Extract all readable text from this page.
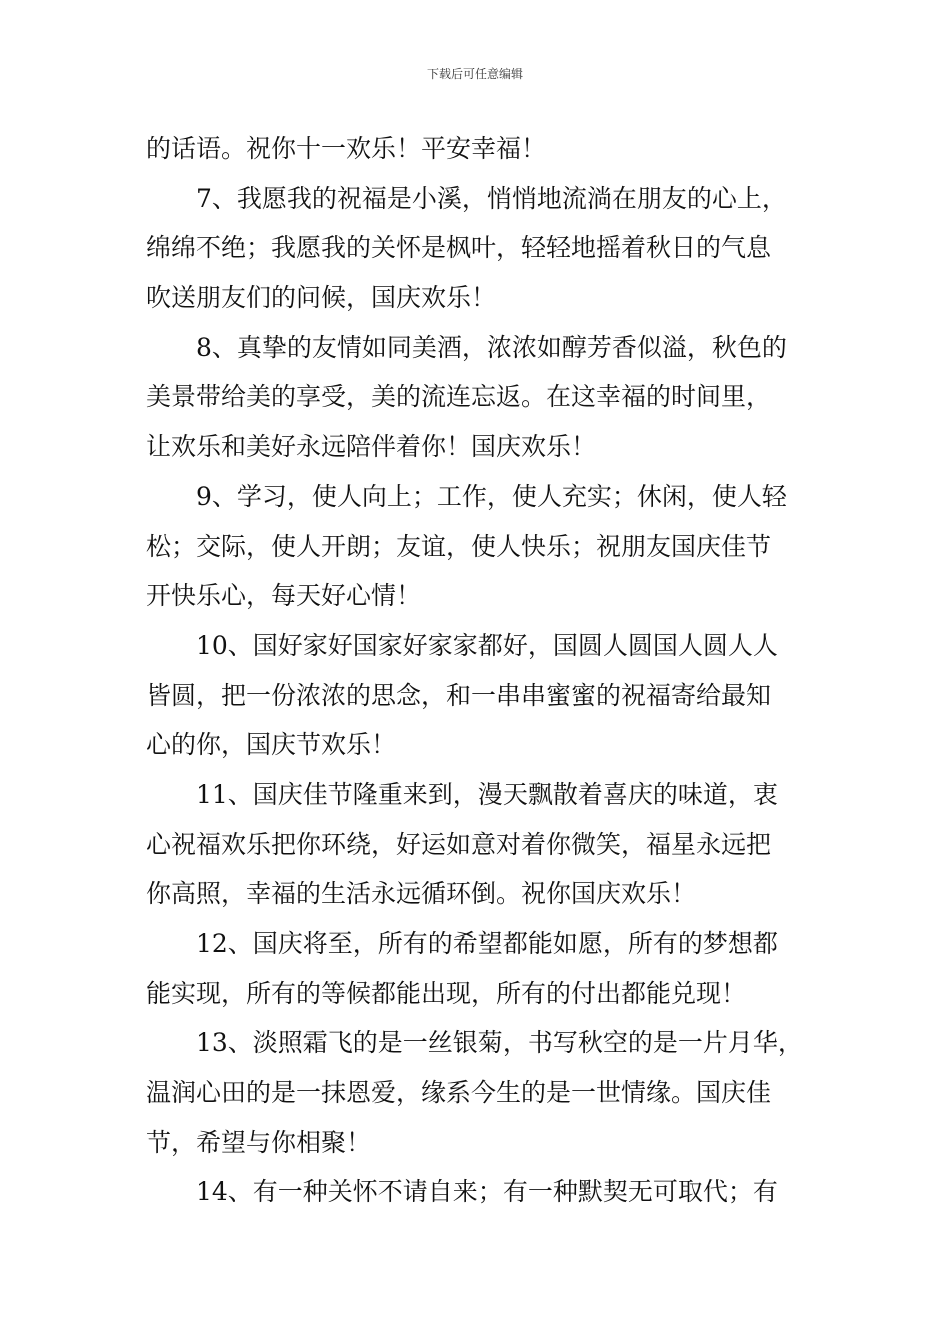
下载后可任意编辑
的话语。祝你十一欢乐！平安幸福！
7、我愿我的祝福是小溪，悄悄地流淌在朋友的心上，
绵绵不绝；我愿我的关怀是枫叶，轻轻地摇着秋日的气息
吹送朋友们的问候，国庆欢乐！
8、真挚的友情如同美酒，浓浓如醇芳香似溢，秋色的
美景带给美的享受，美的流连忘返。在这幸福的时间里，
让欢乐和美好永远陪伴着你！国庆欢乐！
9、学习，使人向上；工作，使人充实；休闲，使人轻
松；交际，使人开朗；友谊，使人快乐；祝朋友国庆佳节
开快乐心，每天好心情！
10、国好家好国家好家家都好，国圆人圆国人圆人人
皆圆，把一份浓浓的思念，和一串串蜜蜜的祝福寄给最知
心的你，国庆节欢乐！
11、国庆佳节隆重来到，漫天飘散着喜庆的味道，衷
心祝福欢乐把你环绕，好运如意对着你微笑，福星永远把
你高照，幸福的生活永远循环倒。祝你国庆欢乐！
12、国庆将至，所有的希望都能如愿，所有的梦想都
能实现，所有的等候都能出现，所有的付出都能兑现！
13、淡照霜飞的是一丝银菊，书写秋空的是一片月华，
温润心田的是一抹恩爱，缘系今生的是一世情缘。国庆佳
节，希望与你相聚！
14、有一种关怀不请自来；有一种默契无可取代；有
